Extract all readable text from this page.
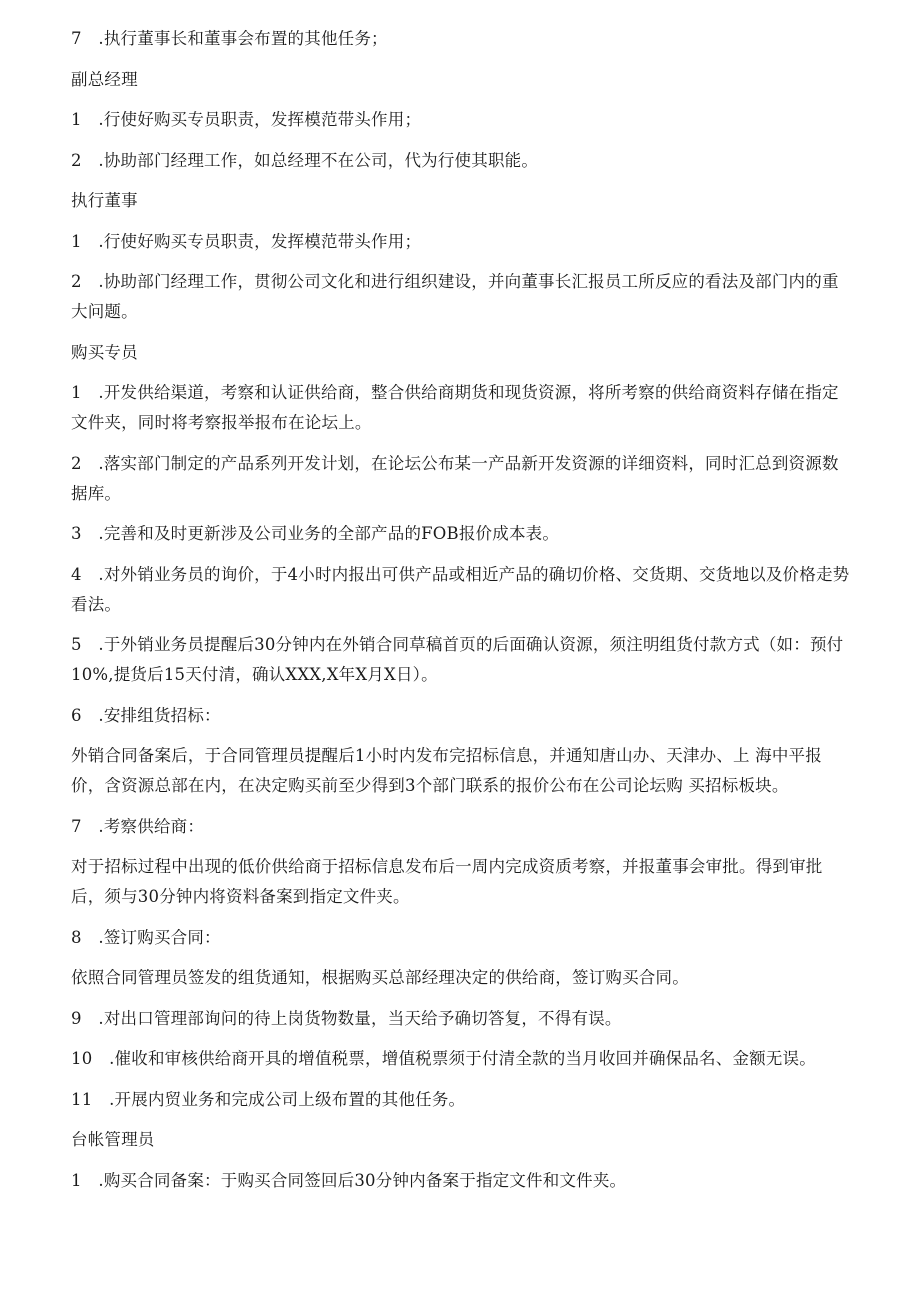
7　.执行董事长和董事会布置的其他任务；

副总经理

1　.行使好购买专员职责，发挥模范带头作用；

2　.协助部门经理工作，如总经理不在公司，代为行使其职能。

执行董事

1　.行使好购买专员职责，发挥模范带头作用；

2　.协助部门经理工作，贯彻公司文化和进行组织建设，并向董事长汇报员工所反应的看法及部门内的重大问题。

购买专员

1　.开发供给渠道，考察和认证供给商，整合供给商期货和现货资源，将所考察的供给商资料存储在指定文件夹，同时将考察报举报布在论坛上。

2　.落实部门制定的产品系列开发计划，在论坛公布某一产品新开发资源的详细资料，同时汇总到资源数据库。

3　.完善和及时更新涉及公司业务的全部产品的FOB报价成本表。

4　.对外销业务员的询价，于4小时内报出可供产品或相近产品的确切价格、交货期、交货地以及价格走势看法。

5　.于外销业务员提醒后30分钟内在外销合同草稿首页的后面确认资源，须注明组货付款方式（如：预付10%,提货后15天付清，确认XXX,X年X月X日）。

6　.安排组货招标：

外销合同备案后，于合同管理员提醒后1小时内发布完招标信息，并通知唐山办、天津办、上 海中平报价，含资源总部在内，在决定购买前至少得到3个部门联系的报价公布在公司论坛购 买招标板块。

7　.考察供给商：

对于招标过程中出现的低价供给商于招标信息发布后一周内完成资质考察，并报董事会审批。得到审批后，须与30分钟内将资料备案到指定文件夹。

8　.签订购买合同：

依照合同管理员签发的组货通知，根据购买总部经理决定的供给商，签订购买合同。

9　.对出口管理部询问的待上岗货物数量，当天给予确切答复，不得有误。

10　.催收和审核供给商开具的增值税票，增值税票须于付清全款的当月收回并确保品名、金额无误。

11　.开展内贸业务和完成公司上级布置的其他任务。

台帐管理员

1　.购买合同备案：于购买合同签回后30分钟内备案于指定文件和文件夹。
